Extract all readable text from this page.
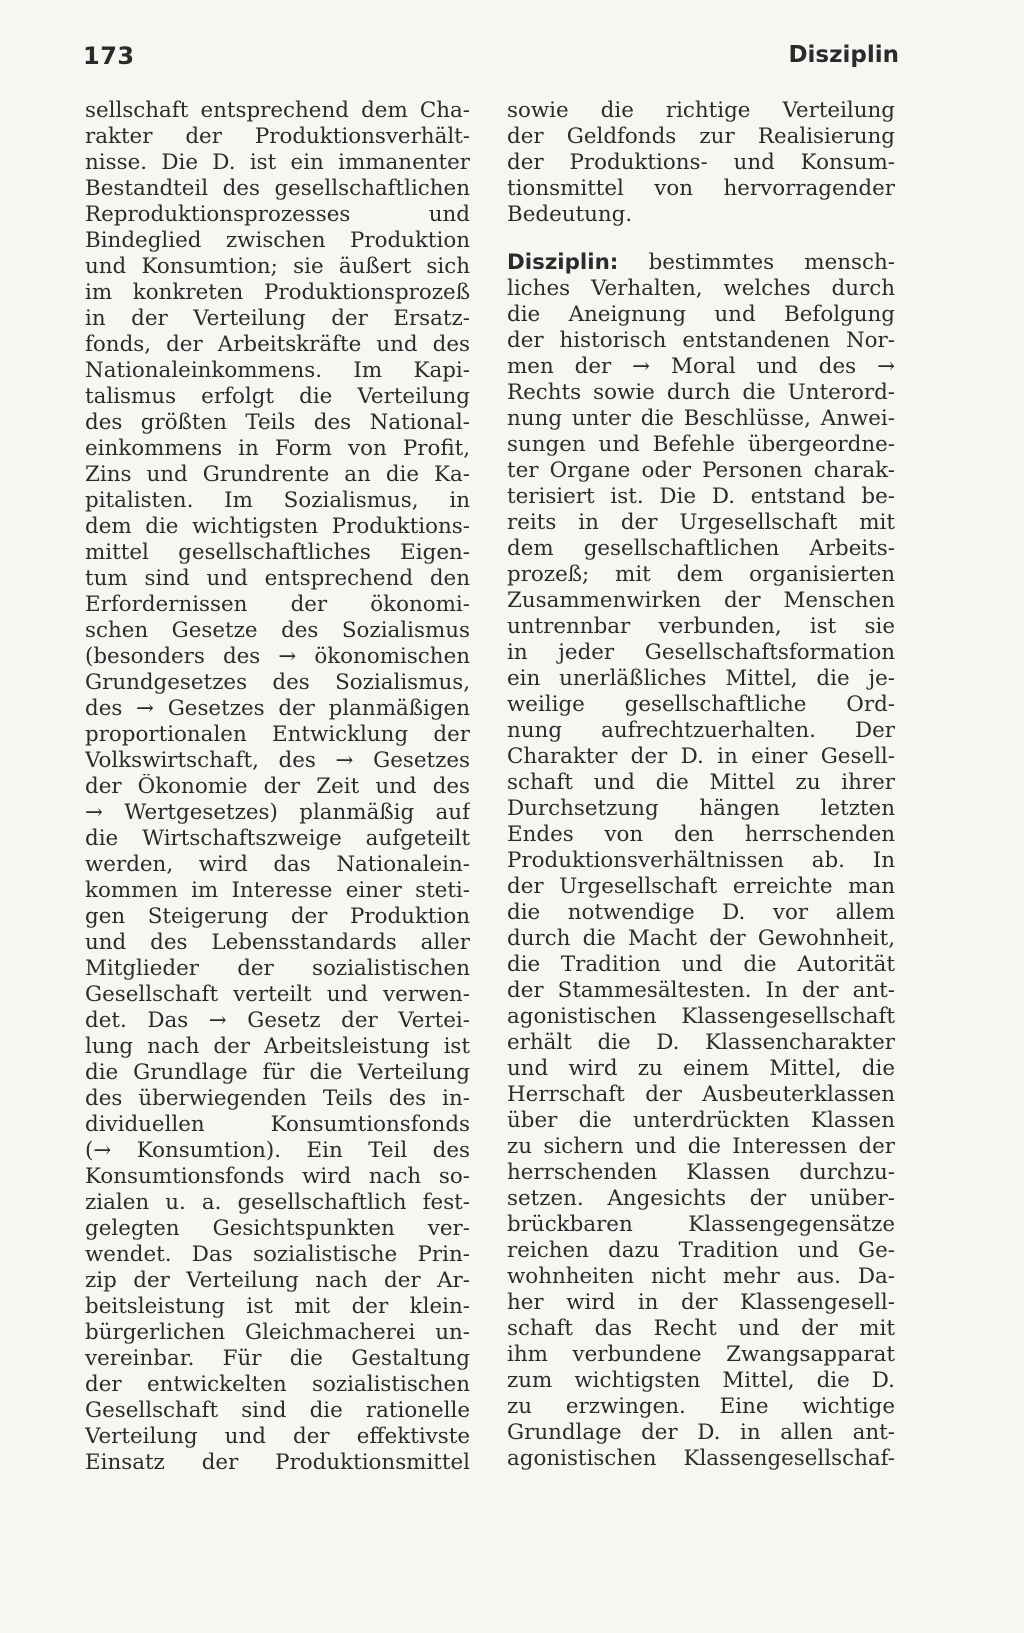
173	Disziplin
sellschaft entsprechend dem Cha-
rakter der Produktionsverhält-
nisse. Die D. ist ein immanenter
Bestandteil des gesellschaftlichen
Reproduktionsprozesses und
Bindeglied zwischen Produktion
und Konsumtion; sie äußert sich
im konkreten Produktionsprozeß
in der Verteilung der Ersatz-
fonds, der Arbeitskräfte und des
Nationaleinkommens. Im Kapi-
talismus erfolgt die Verteilung
des größten Teils des National-
einkommens in Form von Profit,
Zins und Grundrente an die Ka-
pitalisten. Im Sozialismus, in
dem die wichtigsten Produktions-
mittel gesellschaftliches Eigen-
tum sind und entsprechend den
Erfordernissen der ökonomi-
schen Gesetze des Sozialismus
(besonders des → ökonomischen
Grundgesetzes des Sozialismus,
des → Gesetzes der planmäßigen
proportionalen Entwicklung der
Volkswirtschaft, des → Gesetzes
der Ökonomie der Zeit und des
→ Wertgesetzes) planmäßig auf
die Wirtschaftszweige aufgeteilt
werden, wird das Nationalein-
kommen im Interesse einer steti-
gen Steigerung der Produktion
und des Lebensstandards aller
Mitglieder der sozialistischen
Gesellschaft verteilt und verwen-
det. Das → Gesetz der Vertei-
lung nach der Arbeitsleistung ist
die Grundlage für die Verteilung
des überwiegenden Teils des in-
dividuellen Konsumtionsfonds
(→ Konsumtion). Ein Teil des
Konsumtionsfonds wird nach so-
zialen u. a. gesellschaftlich fest-
gelegten Gesichtspunkten ver-
wendet. Das sozialistische Prin-
zip der Verteilung nach der Ar-
beitsleistung ist mit der klein-
bürgerlichen Gleichmacherei un-
vereinbar. Für die Gestaltung
der entwickelten sozialistischen
Gesellschaft sind die rationelle
Verteilung und der effektivste
Einsatz der Produktionsmittel
sowie die richtige Verteilung
der Geldfonds zur Realisierung
der Produktions- und Konsum-
tionsmittel von hervorragender
Bedeutung.
Disziplin: bestimmtes mensch-
liches Verhalten, welches durch
die Aneignung und Befolgung
der historisch entstandenen Nor-
men der → Moral und des →
Rechts sowie durch die Unterord-
nung unter die Beschlüsse, Anwei-
sungen und Befehle übergeordne-
ter Organe oder Personen charak-
terisiert ist. Die D. entstand be-
reits in der Urgesellschaft mit
dem gesellschaftlichen Arbeits-
prozeß; mit dem organisierten
Zusammenwirken der Menschen
untrennbar verbunden, ist sie
in jeder Gesellschaftsformation
ein unerläßliches Mittel, die je-
weilige gesellschaftliche Ord-
nung aufrechtzuerhalten. Der
Charakter der D. in einer Gesell-
schaft und die Mittel zu ihrer
Durchsetzung hängen letzten
Endes von den herrschenden
Produktionsverhältnissen ab. In
der Urgesellschaft erreichte man
die notwendige D. vor allem
durch die Macht der Gewohnheit,
die Tradition und die Autorität
der Stammesältesten. In der ant-
agonistischen Klassengesellschaft
erhält die D. Klassencharakter
und wird zu einem Mittel, die
Herrschaft der Ausbeuterklassen
über die unterdrückten Klassen
zu sichern und die Interessen der
herrschenden Klassen durchzu-
setzen. Angesichts der unüber-
brückbaren Klassengegensätze
reichen dazu Tradition und Ge-
wohnheiten nicht mehr aus. Da-
her wird in der Klassengesell-
schaft das Recht und der mit
ihm verbundene Zwangsapparat
zum wichtigsten Mittel, die D.
zu erzwingen. Eine wichtige
Grundlage der D. in allen ant-
agonistischen Klassengesellschaf-
